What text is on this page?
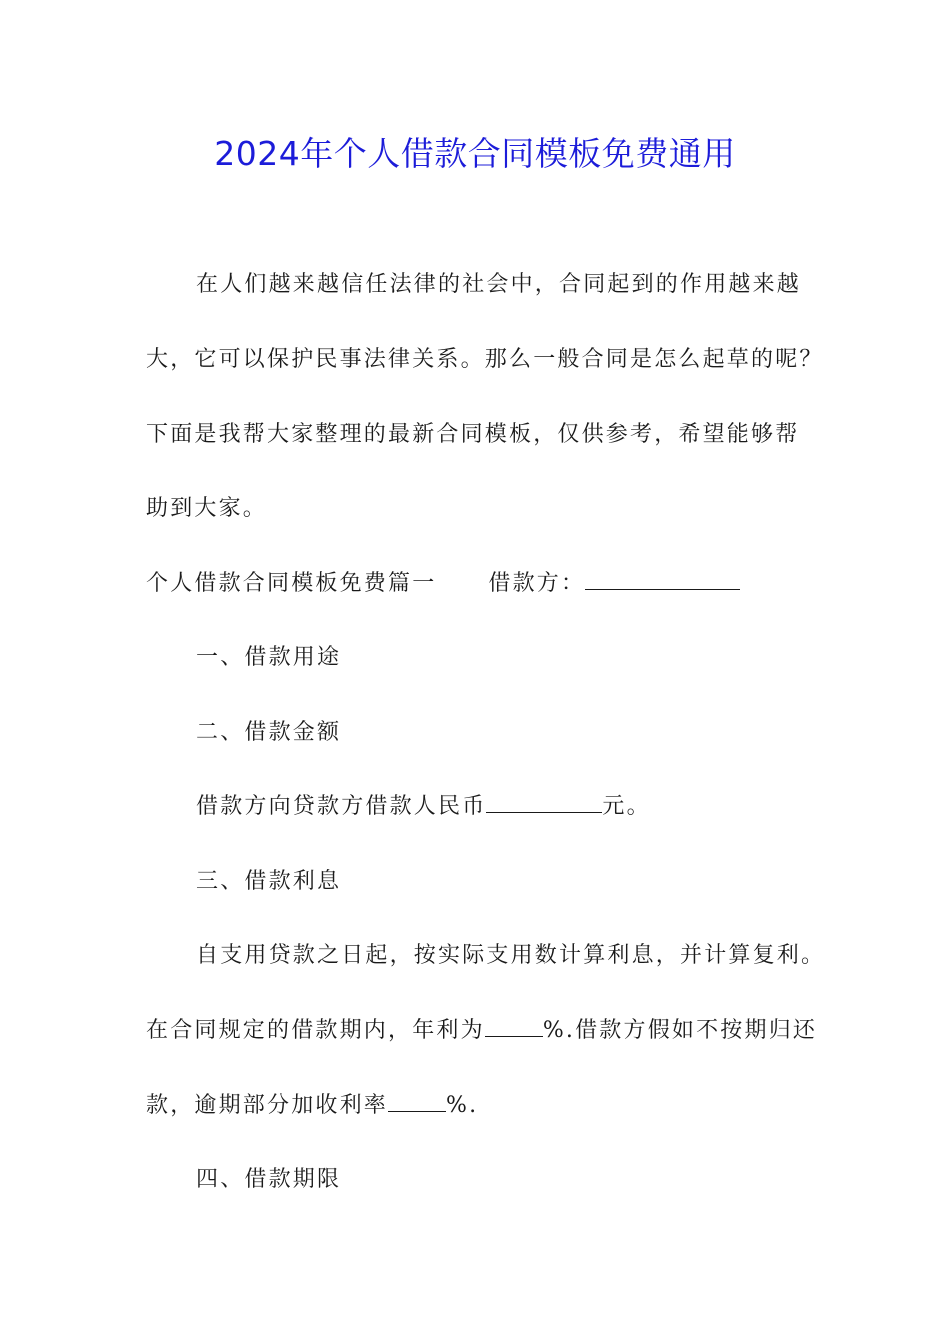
2024年个人借款合同模板免费通用
在人们越来越信任法律的社会中，合同起到的作用越来越
大，它可以保护民事法律关系。那么一般合同是怎么起草的呢？
下面是我帮大家整理的最新合同模板，仅供参考，希望能够帮
助到大家。
个人借款合同模板免费篇一 借款方：
一、借款用途
二、借款金额
借款方向贷款方借款人民币	元。
三、借款利息
自支用贷款之日起，按实际支用数计算利息，并计算复利。
在合同规定的借款期内，年利为	%.借款方假如不按期归还
款，逾期部分加收利率	%.
四、借款期限
